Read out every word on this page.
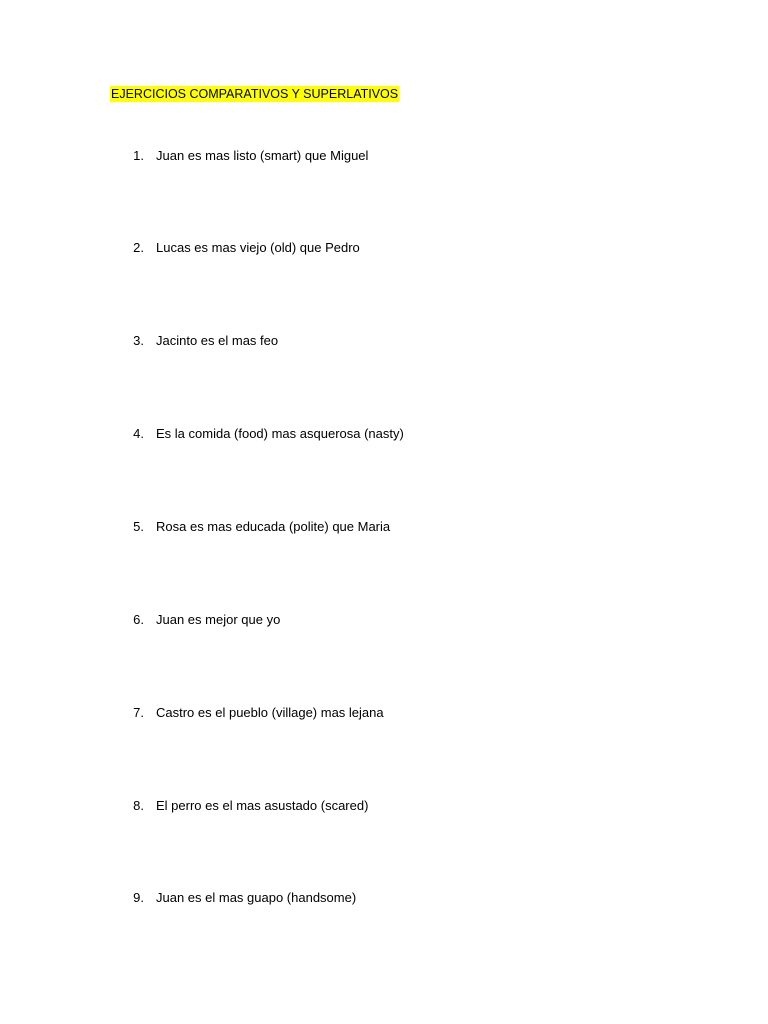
EJERCICIOS COMPARATIVOS Y SUPERLATIVOS
1. Juan es mas listo (smart) que Miguel
2. Lucas es mas viejo (old) que Pedro
3. Jacinto es el mas feo
4. Es la comida (food) mas asquerosa (nasty)
5. Rosa es mas educada (polite) que Maria
6. Juan es mejor que yo
7. Castro es el pueblo (village) mas lejana
8. El perro es el mas asustado (scared)
9. Juan es el mas guapo (handsome)
